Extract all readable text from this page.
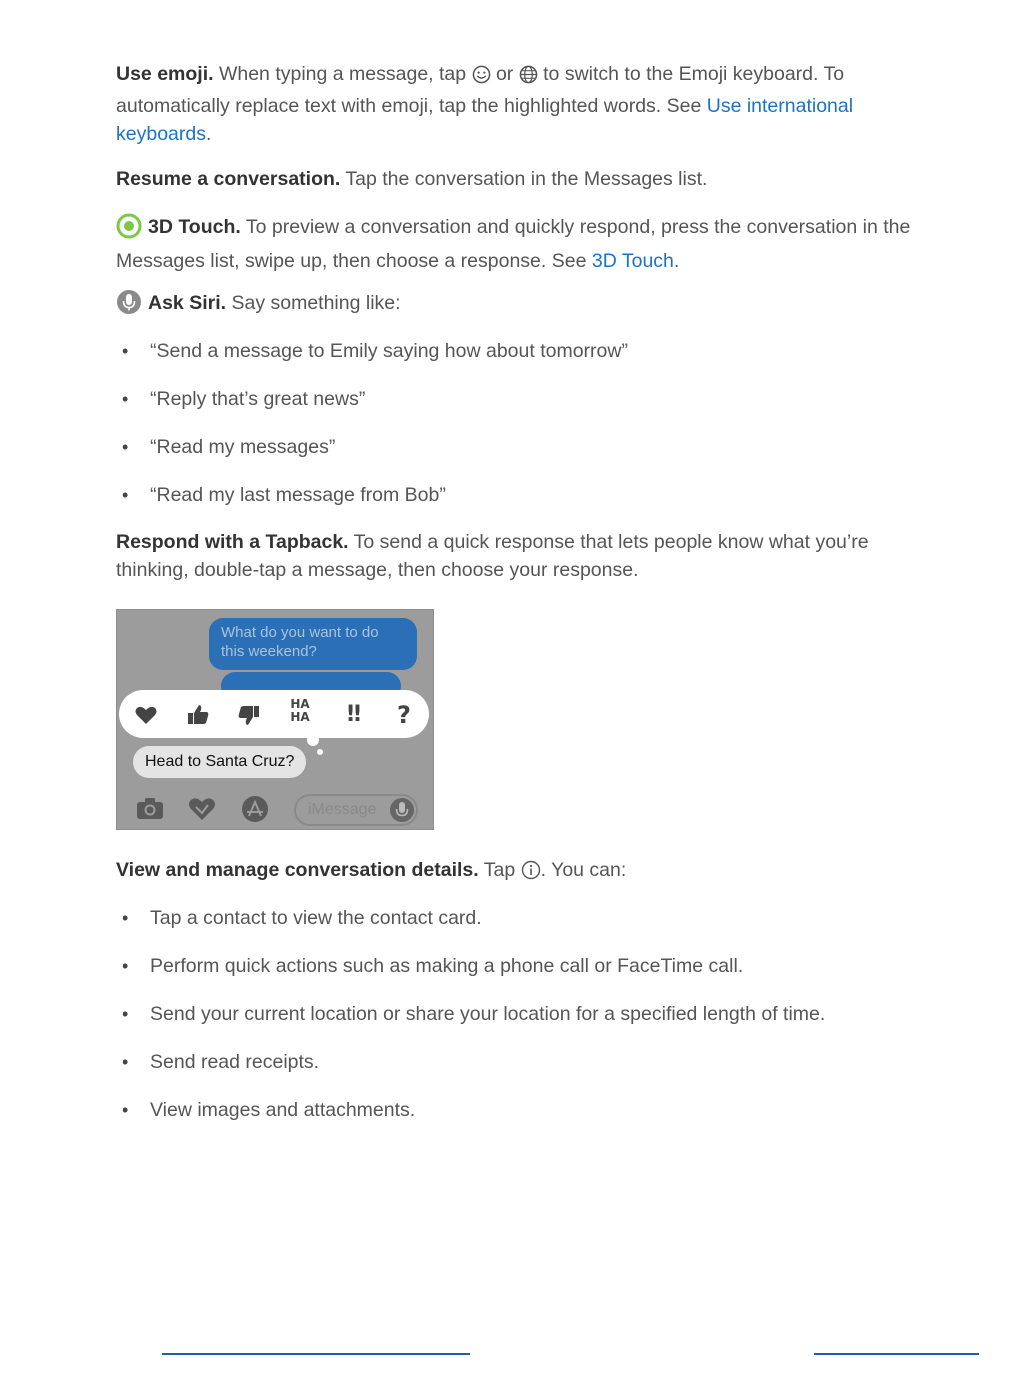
Use emoji. When typing a message, tap  or  to switch to the Emoji keyboard. To automatically replace text with emoji, tap the highlighted words. See Use international keyboards.

Resume a conversation. Tap the conversation in the Messages list.

3D Touch. To preview a conversation and quickly respond, press the conversation in the Messages list, swipe up, then choose a response. See 3D Touch.

Ask Siri. Say something like:

• “Send a message to Emily saying how about tomorrow”
• “Reply that’s great news”
• “Read my messages”
• “Read my last message from Bob”

Respond with a Tapback. To send a quick response that lets people know what you’re thinking, double-tap a message, then choose your response.

What do you want to do this weekend?
HA HA ‼ ?
Head to Santa Cruz?
iMessage

View and manage conversation details. Tap . You can:

• Tap a contact to view the contact card.
• Perform quick actions such as making a phone call or FaceTime call.
• Send your current location or share your location for a specified length of time.
• Send read receipts.
• View images and attachments.
